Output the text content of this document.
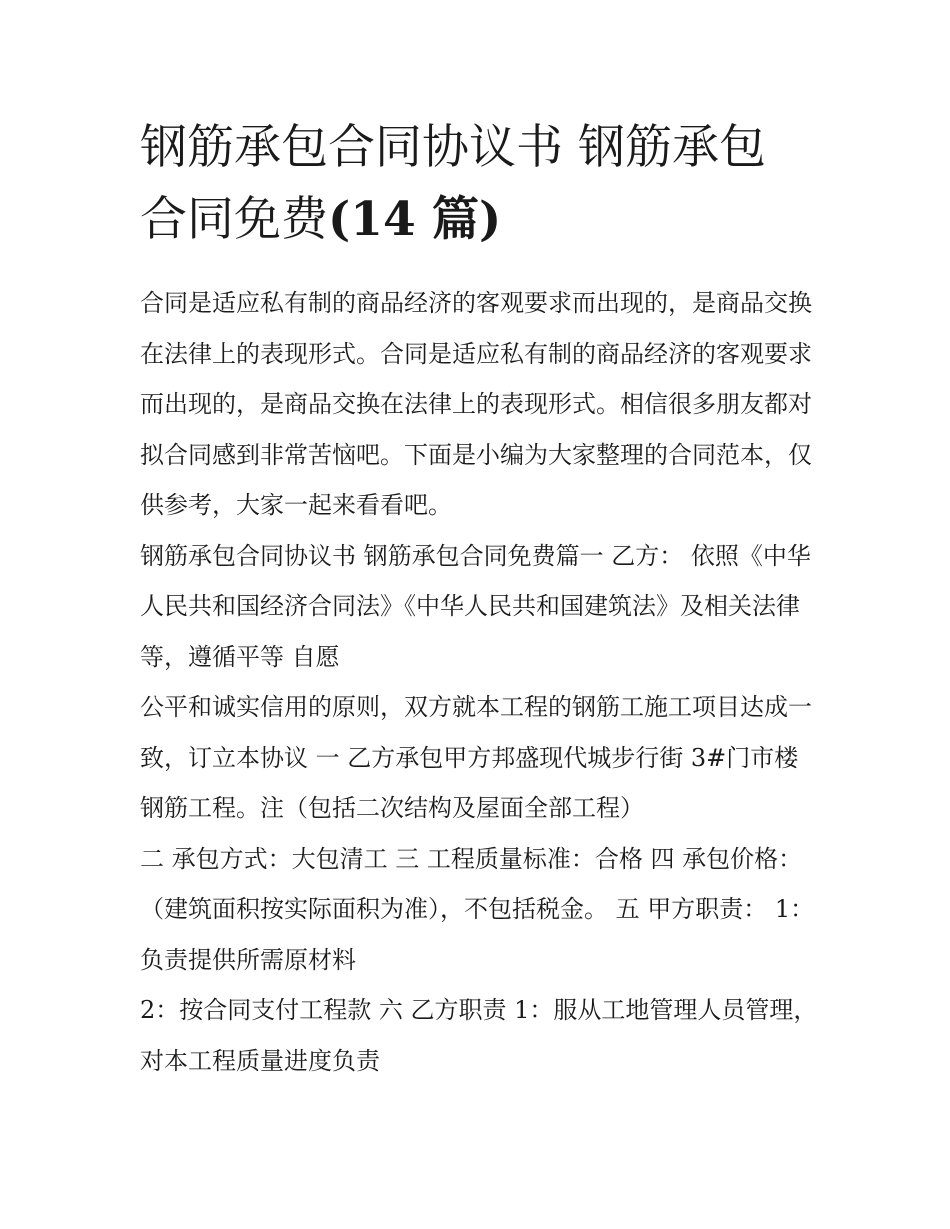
钢筋承包合同协议书 钢筋承包
合同免费(14 篇)

合同是适应私有制的商品经济的客观要求而出现的，是商品交换在法律上的表现形式。合同是适应私有制的商品经济的客观要求而出现的，是商品交换在法律上的表现形式。相信很多朋友都对拟合同感到非常苦恼吧。下面是小编为大家整理的合同范本，仅供参考，大家一起来看看吧。

钢筋承包合同协议书 钢筋承包合同免费篇一 乙方： 依照《中华人民共和国经济合同法》《中华人民共和国建筑法》及相关法律等，遵循平等 自愿

公平和诚实信用的原则，双方就本工程的钢筋工施工项目达成一致，订立本协议 一 乙方承包甲方邦盛现代城步行街 3#门市楼钢筋工程。注（包括二次结构及屋面全部工程）

二 承包方式：大包清工 三 工程质量标准：合格 四 承包价格：（建筑面积按实际面积为准），不包括税金。 五 甲方职责： 1：负责提供所需原材料

2：按合同支付工程款 六 乙方职责 1：服从工地管理人员管理，对本工程质量进度负责
